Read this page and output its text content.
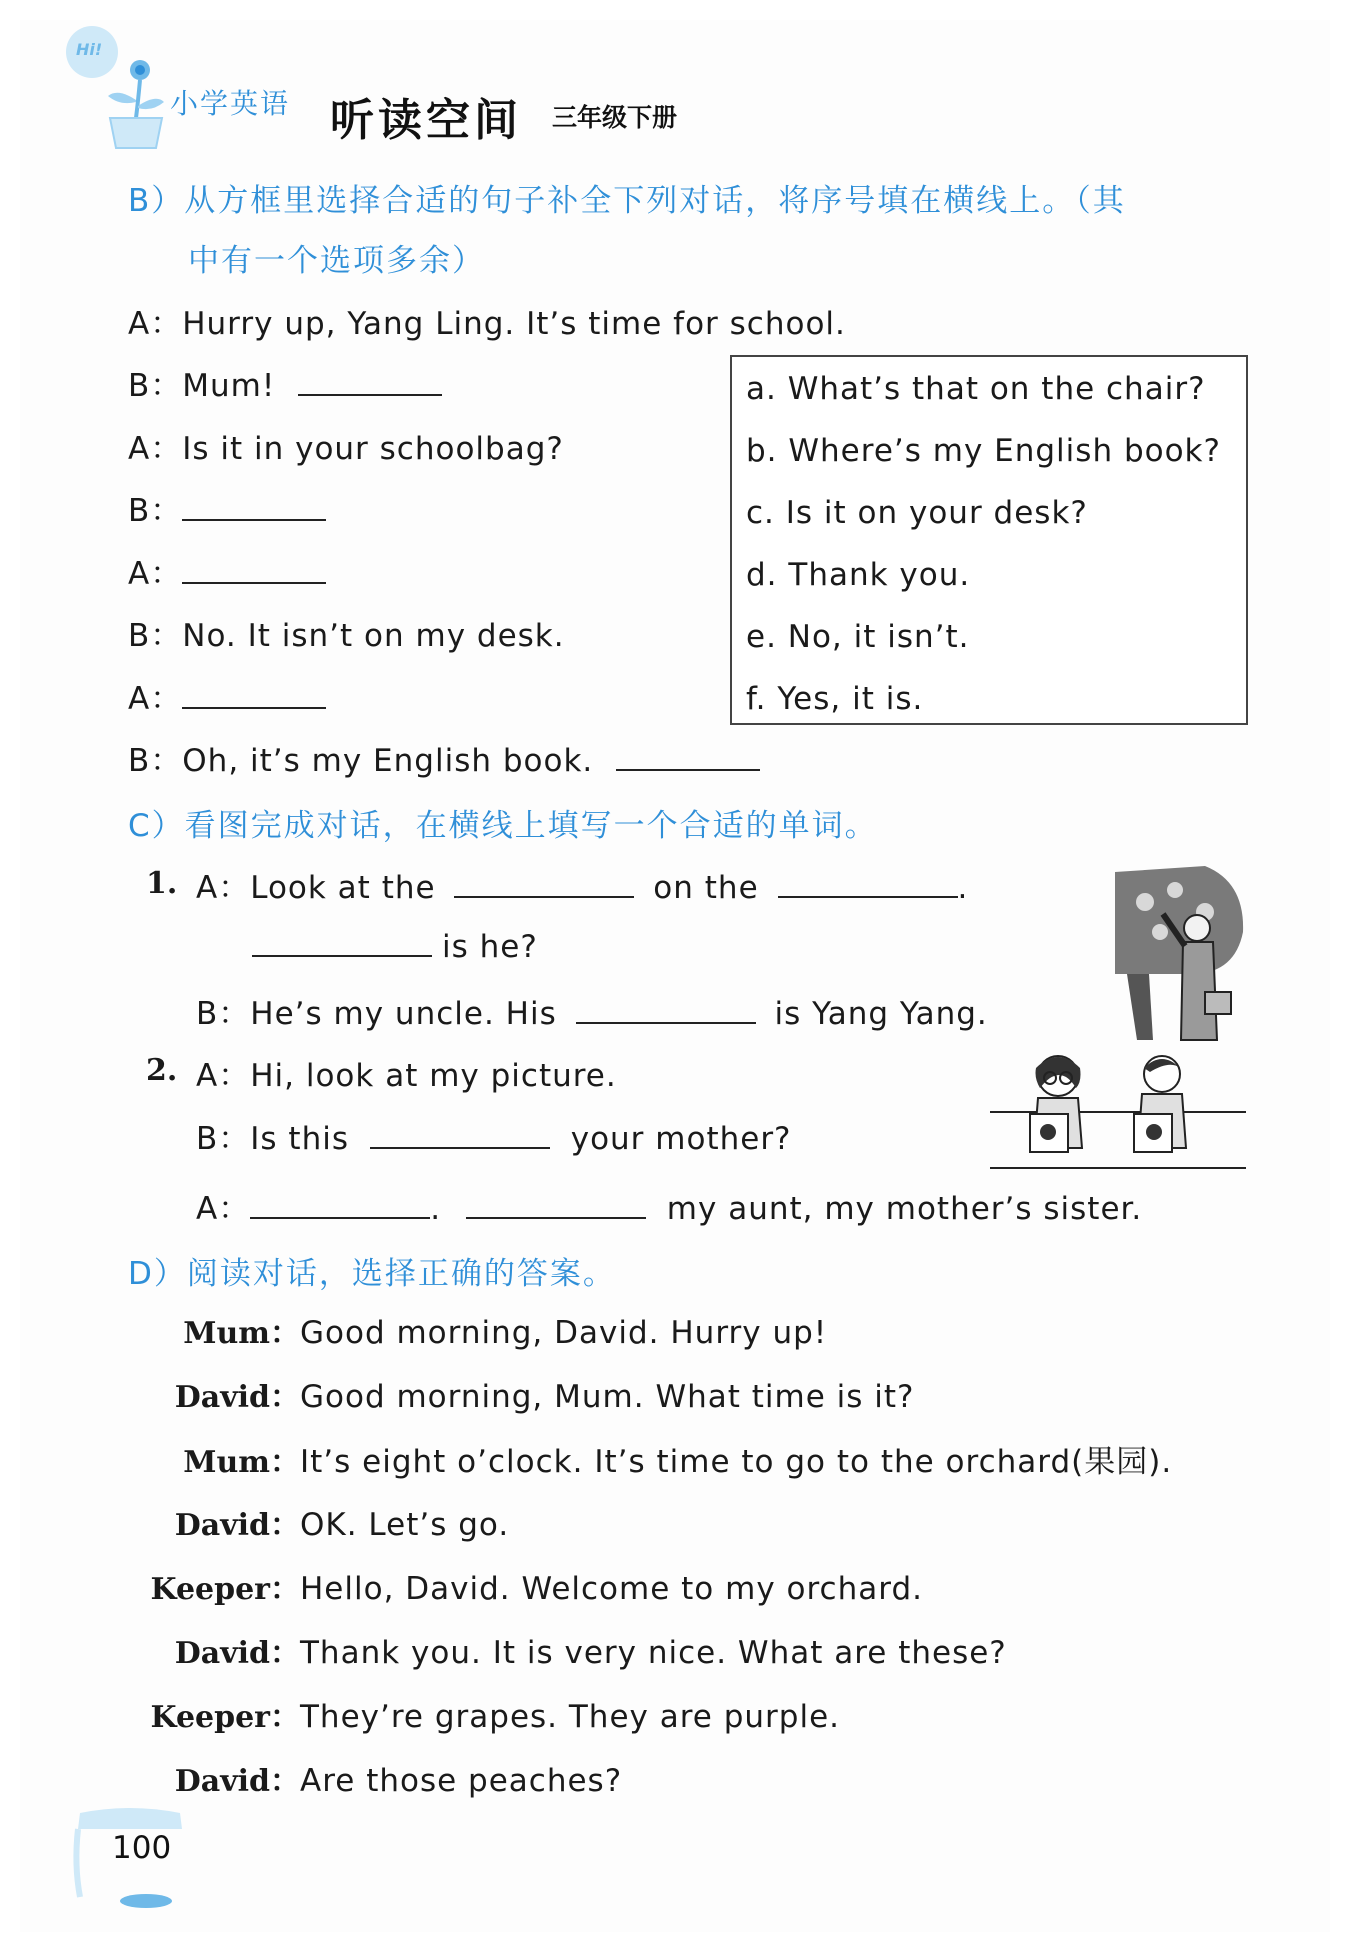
Hi!
小学英语 听读空间 三年级下册
B）从方框里选择合适的句子补全下列对话，将序号填在横线上。（其
中有一个选项多余）
A：Hurry up, Yang Ling. It’s time for school.
B：Mum!
A：Is it in your schoolbag?
B：
A：
B：No. It isn’t on my desk.
A：
B：Oh, it’s my English book.
a. What’s that on the chair?
b. Where’s my English book?
c. Is it on your desk?
d. Thank you.
e. No, it isn’t.
f. Yes, it is.
C）看图完成对话，在横线上填写一个合适的单词。
1. A：Look at the	on the	.
is he?
B：He’s my uncle. His	is Yang Yang.
2. A：Hi, look at my picture.
B：Is this	your mother?
A：	.	my aunt, my mother’s sister.
D）阅读对话，选择正确的答案。
Mum：Good morning, David. Hurry up!
David：Good morning, Mum. What time is it?
Mum：It’s eight o’clock. It’s time to go to the orchard(果园).
David：OK. Let’s go.
Keeper：Hello, David. Welcome to my orchard.
David：Thank you. It is very nice. What are these?
Keeper：They’re grapes. They are purple.
David：Are those peaches?
100
